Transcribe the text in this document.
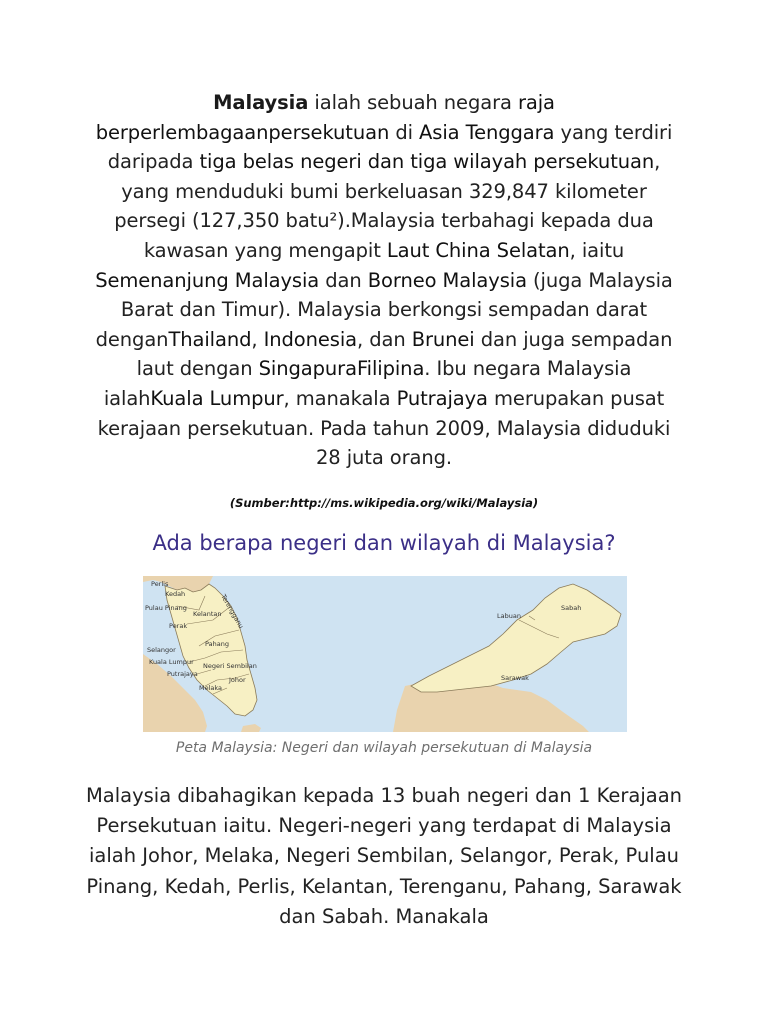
Malaysia ialah sebuah negara raja berperlembagaanpersekutuan di Asia Tenggara yang terdiri daripada tiga belas negeri dan tiga wilayah persekutuan, yang menduduki bumi berkeluasan 329,847 kilometer persegi (127,350 batu²).Malaysia terbahagi kepada dua kawasan yang mengapit Laut China Selatan, iaitu Semenanjung Malaysia dan Borneo Malaysia (juga Malaysia Barat dan Timur). Malaysia berkongsi sempadan darat denganThailand, Indonesia, dan Brunei dan juga sempadan laut dengan SingapuraFilipina. Ibu negara Malaysia ialahKuala Lumpur, manakala Putrajaya merupakan pusat kerajaan persekutuan. Pada tahun 2009, Malaysia diduduki 28 juta orang.
(Sumber:http://ms.wikipedia.org/wiki/Malaysia)
Ada berapa negeri dan wilayah di Malaysia?
Perlis
Kedah
Pulau Pinang
Perak
Kelantan
Terengganu
Pahang
Selangor
Kuala Lumpur
Putrajaya
Negeri Sembilan
Melaka
Johor
Labuan
Sabah
Sarawak
Peta Malaysia: Negeri dan wilayah persekutuan di Malaysia
Malaysia dibahagikan kepada 13 buah negeri dan 1 Kerajaan Persekutuan iaitu. Negeri-negeri yang terdapat di Malaysia ialah Johor, Melaka, Negeri Sembilan, Selangor, Perak, Pulau Pinang, Kedah, Perlis, Kelantan, Terenganu, Pahang, Sarawak dan Sabah. Manakala
